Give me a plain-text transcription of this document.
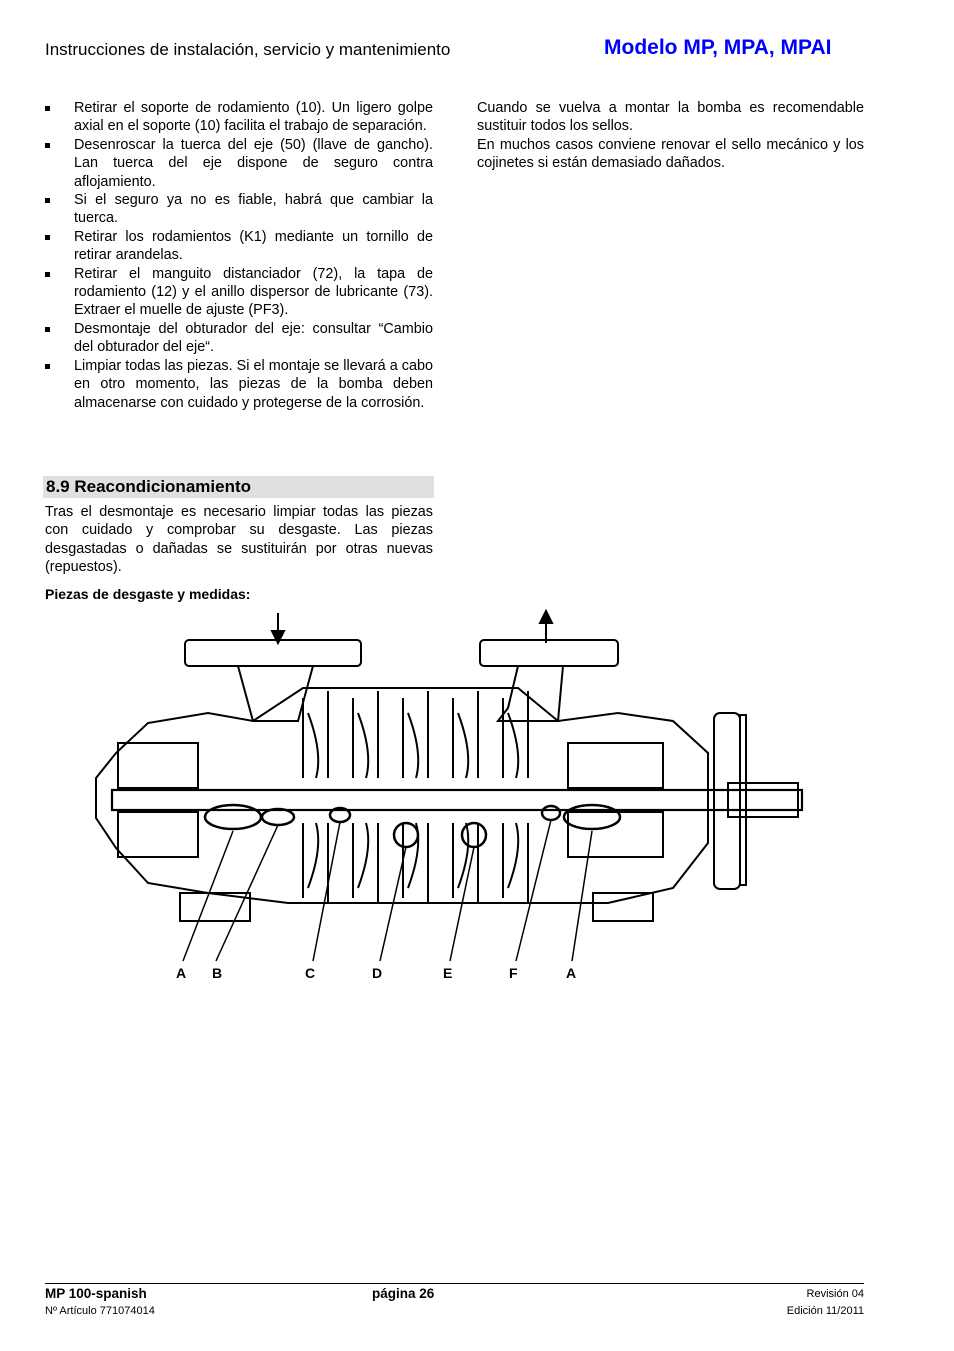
Instrucciones de instalación, servicio y mantenimiento	Modelo MP, MPA, MPAI
Retirar el soporte de rodamiento (10). Un ligero golpe axial en el soporte (10) facilita el trabajo de separación.
Desenroscar la tuerca del eje (50) (llave de gancho). Lan tuerca del eje dispone de seguro contra aflojamiento.
Si el seguro ya no es fiable, habrá que cambiar la tuerca.
Retirar los rodamientos (K1) mediante un tornillo de retirar arandelas.
Retirar el manguito distanciador (72), la tapa de rodamiento (12) y el anillo dispersor de lubricante (73). Extraer el muelle de ajuste (PF3).
Desmontaje del obturador del eje: consultar “Cambio del obturador del eje“.
Limpiar todas las piezas. Si el montaje se llevará a cabo en otro momento, las piezas de la bomba deben almacenarse con cuidado y protegerse de la corrosión.

Cuando se vuelva a montar la bomba es recomendable sustituir todos los sellos.

En muchos casos conviene renovar el sello mecánico y los cojinetes si están demasiado dañados.

8.9 Reacondicionamiento
Tras el desmontaje es necesario limpiar todas las piezas con cuidado y comprobar su desgaste. Las piezas desgastadas o dañadas se sustituirán por otras nuevas (repuestos).
Piezas de desgaste y medidas:
A B	C	D	E	F	A
MP 100-spanish
Nº Artículo 771074014
página 26	Revisión 04
Edición 11/2011
